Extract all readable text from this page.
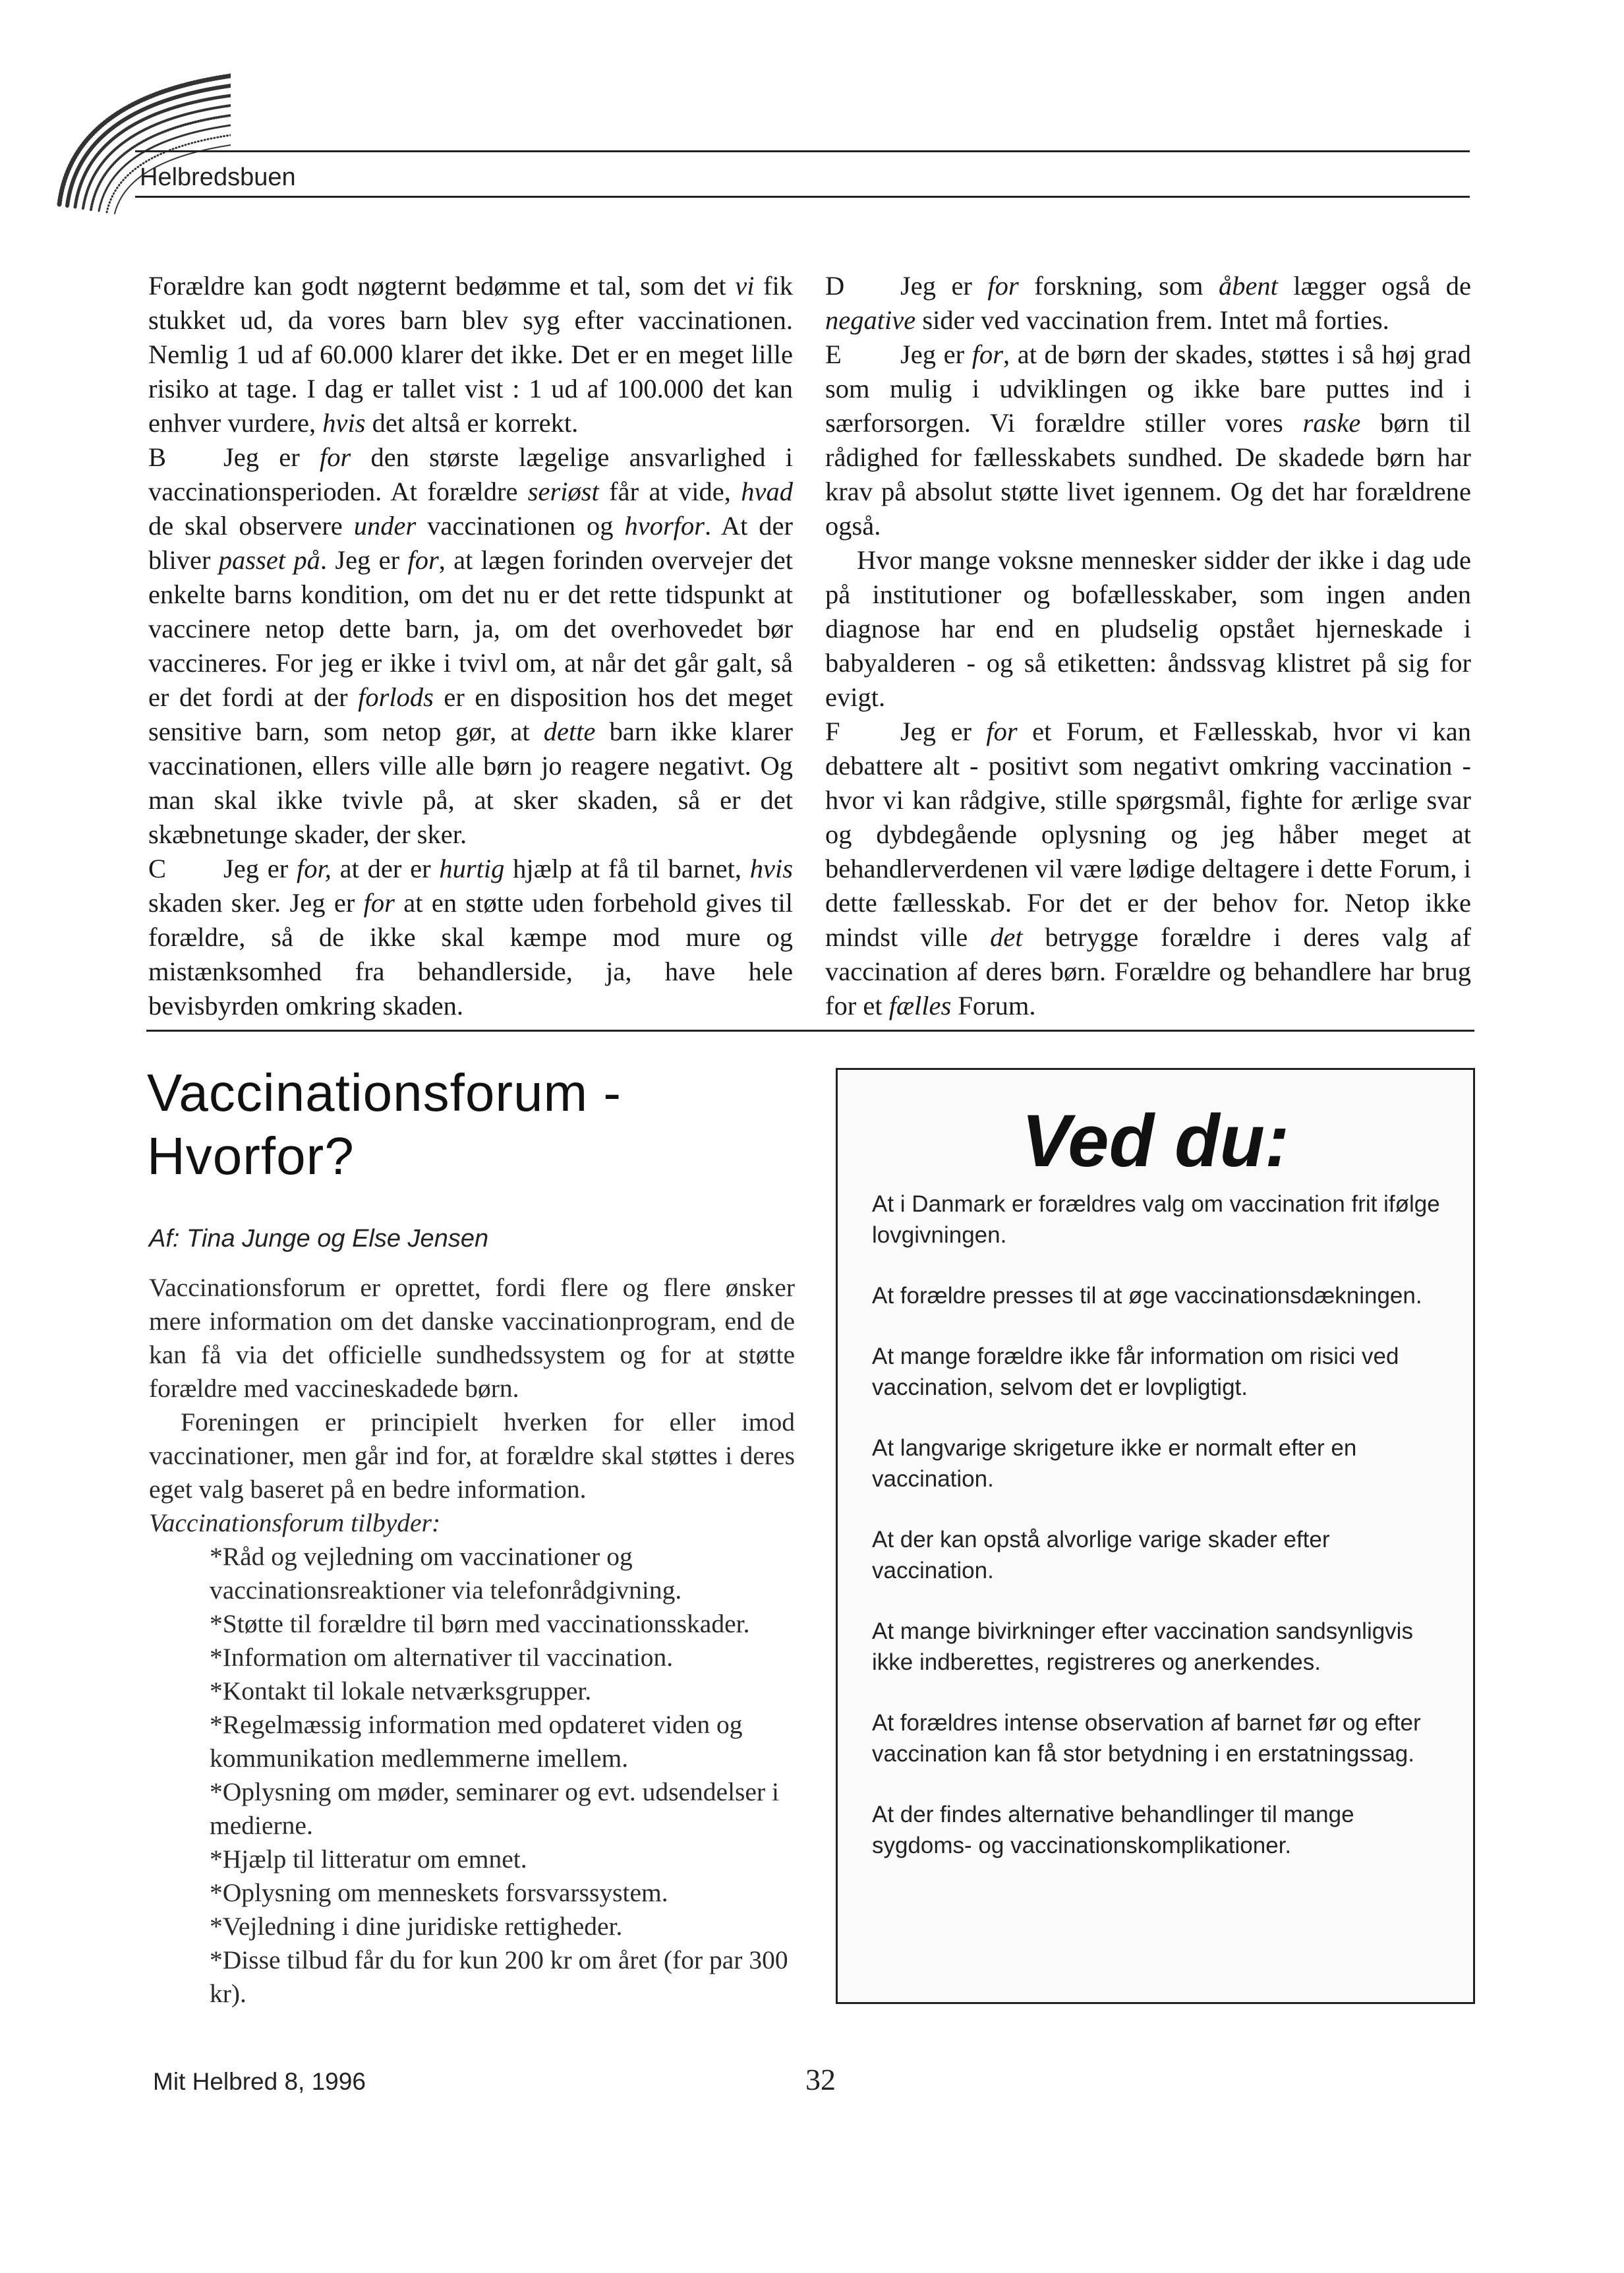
Helbredsbuen

Forældre kan godt nøgternt bedømme et tal, som det vi fik stukket ud, da vores barn blev syg efter vaccinationen. Nemlig 1 ud af 60.000 klarer det ikke. Det er en meget lille risiko at tage. I dag er tallet vist : 1 ud af 100.000 det kan enhver vurdere, hvis det altså er korrekt.

B Jeg er for den største lægelige ansvarlighed i vaccinationsperioden. At forældre seriøst får at vide, hvad de skal observere under vaccinationen og hvorfor. At der bliver passet på. Jeg er for, at lægen forinden overvejer det enkelte barns kondition, om det nu er det rette tidspunkt at vaccinere netop dette barn, ja, om det overhovedet bør vaccineres. For jeg er ikke i tvivl om, at når det går galt, så er det fordi at der forlods er en disposition hos det meget sensitive barn, som netop gør, at dette barn ikke klarer vaccinationen, ellers ville alle børn jo reagere negativt. Og man skal ikke tvivle på, at sker skaden, så er det skæbnetunge skader, der sker.

C Jeg er for, at der er hurtig hjælp at få til barnet, hvis skaden sker. Jeg er for at en støtte uden forbehold gives til forældre, så de ikke skal kæmpe mod mure og mistænksomhed fra behandlerside, ja, have hele bevisbyrden omkring skaden.

D Jeg er for forskning, som åbent lægger også de negative sider ved vaccination frem. Intet må forties.

E Jeg er for, at de børn der skades, støttes i så høj grad som mulig i udviklingen og ikke bare puttes ind i særforsorgen. Vi forældre stiller vores raske børn til rådighed for fællesskabets sundhed. De skadede børn har krav på absolut støtte livet igennem. Og det har forældrene også.

Hvor mange voksne mennesker sidder der ikke i dag ude på institutioner og bofællesskaber, som ingen anden diagnose har end en pludselig opstået hjerneskade i babyalderen - og så etiketten: åndssvag klistret på sig for evigt.

F Jeg er for et Forum, et Fællesskab, hvor vi kan debattere alt - positivt som negativt omkring vaccination - hvor vi kan rådgive, stille spørgsmål, fighte for ærlige svar og dybdegående oplysning og jeg håber meget at behandlerverdenen vil være lødige deltagere i dette Forum, i dette fællesskab. For det er der behov for. Netop ikke mindst ville det betrygge forældre i deres valg af vaccination af deres børn. Forældre og behandlere har brug for et fælles Forum.

Vaccinationsforum -
Hvorfor?
Af: Tina Junge og Else Jensen

Vaccinationsforum er oprettet, fordi flere og flere ønsker mere information om det danske vaccinationprogram, end de kan få via det officielle sundhedssystem og for at støtte forældre med vaccineskadede børn.

Foreningen er principielt hverken for eller imod vaccinationer, men går ind for, at forældre skal støttes i deres eget valg baseret på en bedre information.

Vaccinationsforum tilbyder:

*Råd og vejledning om vaccinationer og vaccinationsreaktioner via telefonrådgivning.
*Støtte til forældre til børn med vaccinationsskader.
*Information om alternativer til vaccination.
*Kontakt til lokale netværksgrupper.
*Regelmæssig information med opdateret viden og kommunikation medlemmerne imellem.
*Oplysning om møder, seminarer og evt. udsendelser i medierne.
*Hjælp til litteratur om emnet.
*Oplysning om menneskets forsvarssystem.
*Vejledning i dine juridiske rettigheder.
*Disse tilbud får du for kun 200 kr om året (for par 300 kr).
Ved du:
At i Danmark er forældres valg om vaccination frit ifølge lovgivningen.
At forældre presses til at øge vaccinationsdækningen.
At mange forældre ikke får information om risici ved vaccination, selvom det er lovpligtigt.
At langvarige skrigeture ikke er normalt efter en vaccination.
At der kan opstå alvorlige varige skader efter vaccination.
At mange bivirkninger efter vaccination sandsynligvis ikke indberettes, registreres og anerkendes.
At forældres intense observation af barnet før og efter vaccination kan få stor betydning i en erstatningssag.
At der findes alternative behandlinger til mange sygdoms- og vaccinationskomplikationer.
Mit Helbred 8, 1996	32
